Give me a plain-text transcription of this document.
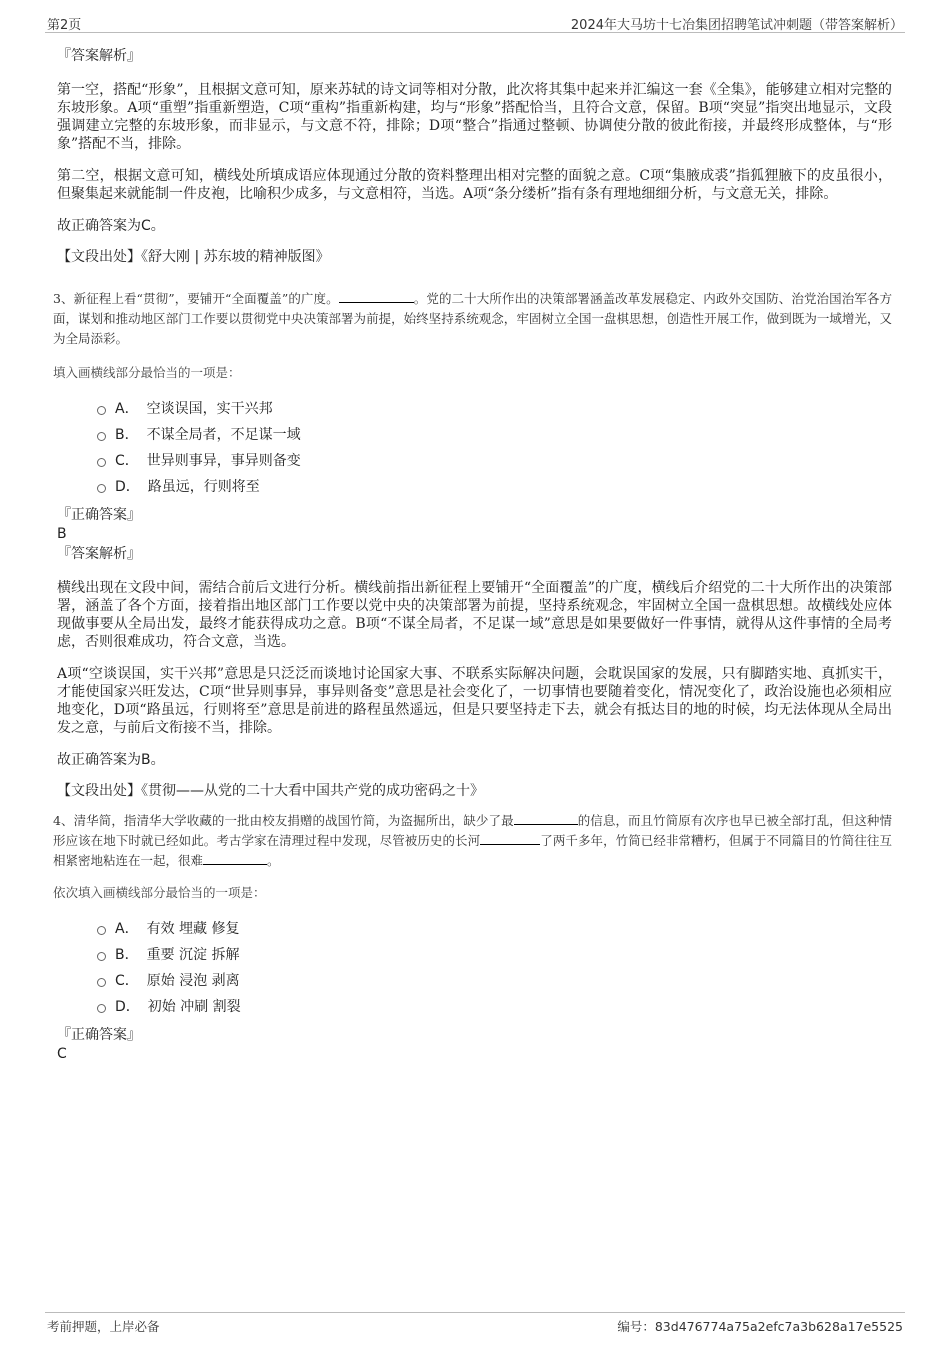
第2页	2024年大马坊十七冶集团招聘笔试冲刺题（带答案解析）

『答案解析』

第一空，搭配“形象”，且根据文意可知，原来苏轼的诗文词等相对分散，此次将其集中起来并汇编这一套《全集》，能够建立相对完整的东坡形象。A项“重塑”指重新塑造，C项“重构”指重新构建，均与“形象”搭配恰当，且符合文意，保留。B项“突显”指突出地显示，文段强调建立完整的东坡形象，而非显示，与文意不符，排除；D项“整合”指通过整顿、协调使分散的彼此衔接，并最终形成整体，与“形象”搭配不当，排除。

第二空，根据文意可知，横线处所填成语应体现通过分散的资料整理出相对完整的面貌之意。C项“集腋成裘”指狐狸腋下的皮虽很小，但聚集起来就能制一件皮袍，比喻积少成多，与文意相符，当选。A项“条分缕析”指有条有理地细细分析，与文意无关，排除。

故正确答案为C。

【文段出处】《舒大刚 | 苏东坡的精神版图》

3、新征程上看“贯彻”，要铺开“全面覆盖”的广度。	。党的二十大所作出的决策部署涵盖改革发展稳定、内政外交国防、治党治国治军各方面，谋划和推动地区部门工作要以贯彻党中央决策部署为前提，始终坚持系统观念，牢固树立全国一盘棋思想，创造性开展工作，做到既为一域增光，又为全局添彩。

填入画横线部分最恰当的一项是：

A． 空谈误国，实干兴邦
B． 不谋全局者，不足谋一域
C． 世异则事异，事异则备变
D． 路虽远，行则将至

『正确答案』

B

『答案解析』

横线出现在文段中间，需结合前后文进行分析。横线前指出新征程上要铺开“全面覆盖”的广度，横线后介绍党的二十大所作出的决策部署，涵盖了各个方面，接着指出地区部门工作要以党中央的决策部署为前提，坚持系统观念，牢固树立全国一盘棋思想。故横线处应体现做事要从全局出发，最终才能获得成功之意。B项“不谋全局者，不足谋一域”意思是如果要做好一件事情，就得从这件事情的全局考虑，否则很难成功，符合文意，当选。

A项“空谈误国，实干兴邦”意思是只泛泛而谈地讨论国家大事、不联系实际解决问题，会耽误国家的发展，只有脚踏实地、真抓实干，才能使国家兴旺发达，C项“世异则事异，事异则备变”意思是社会变化了，一切事情也要随着变化，情况变化了，政治设施也必须相应地变化，D项“路虽远，行则将至”意思是前进的路程虽然遥远，但是只要坚持走下去，就会有抵达目的地的时候，均无法体现从全局出发之意，与前后文衔接不当，排除。

故正确答案为B。

【文段出处】《贯彻——从党的二十大看中国共产党的成功密码之十》

4、清华简，指清华大学收藏的一批由校友捐赠的战国竹简，为盗掘所出，缺少了最	的信息，而且竹简原有次序也早已被全部打乱，但这种情形应该在地下时就已经如此。考古学家在清理过程中发现，尽管被历史的长河	了两千多年，竹简已经非常糟朽，但属于不同篇目的竹简往往互相紧密地粘连在一起，很难	。

依次填入画横线部分最恰当的一项是：

A． 有效 埋藏 修复
B． 重要 沉淀 拆解
C． 原始 浸泡 剥离
D． 初始 冲刷 割裂

『正确答案』

C

考前押题，上岸必备	编号：83d476774a75a2efc7a3b628a17e5525
